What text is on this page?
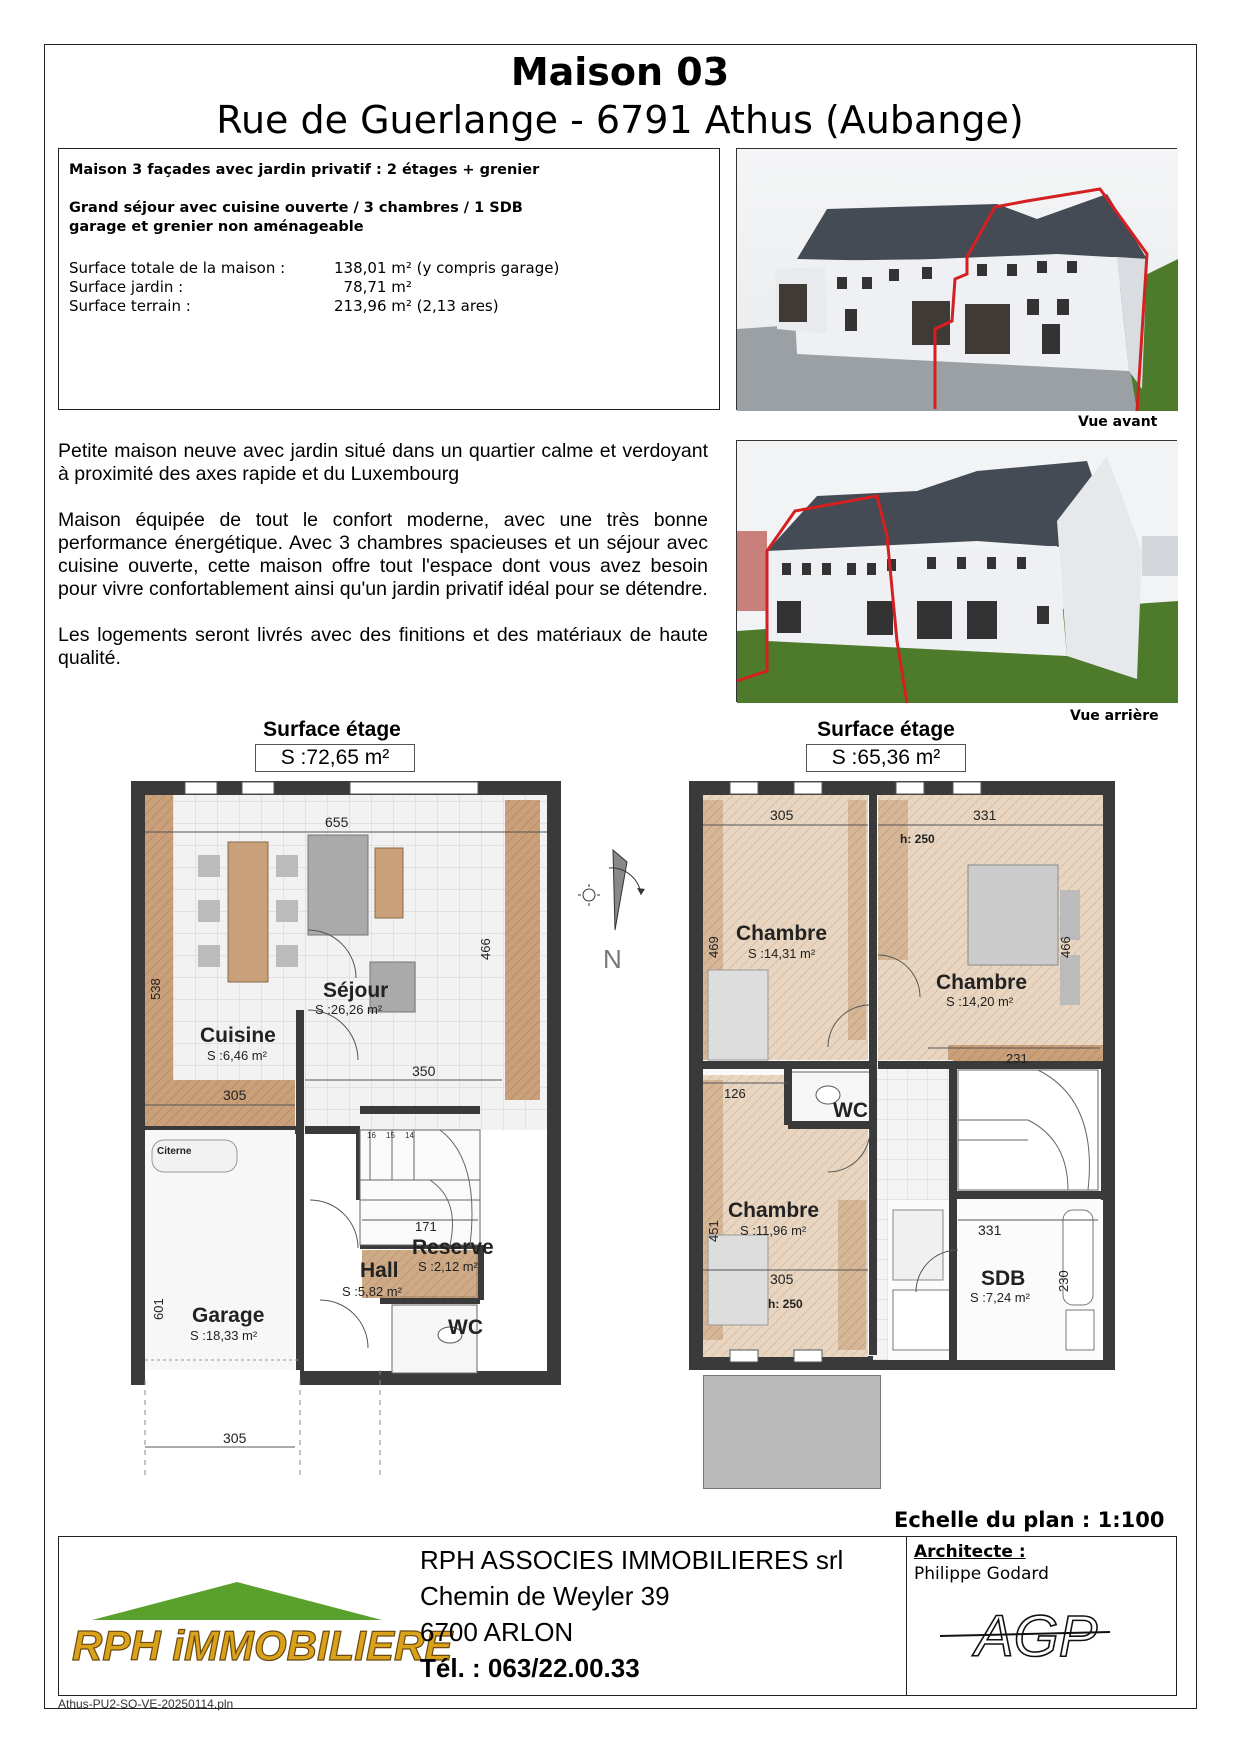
Maison 03
Rue de Guerlange - 6791 Athus (Aubange)
Maison 3 façades avec jardin privatif : 2 étages + grenier
Grand séjour avec cuisine ouverte / 3 chambres / 1 SDB
garage et grenier non aménageable
Surface totale de la maison :	138,01 m² (y compris garage)
Surface jardin :	78,71 m²
Surface terrain :	213,96 m² (2,13 ares)
Vue avant
Vue arrière

Petite maison neuve avec jardin situé dans un quartier calme et verdoyant à proximité des axes rapide et du Luxembourg

Maison équipée de tout le confort moderne, avec une très bonne performance énergétique. Avec 3 chambres spacieuses et un séjour avec cuisine ouverte, cette maison offre tout l'espace dont vous avez besoin pour vivre confortablement ainsi qu'un jardin privatif idéal pour se détendre.

Les logements seront livrés avec des finitions et des matériaux de haute qualité.

Surface étage
S :72,65 m²
Surface étage
S :65,36 m²
16 15 14
655
538
466
350
305
171
601
305
Séjour
S :26,26 m²
Cuisine
S :6,46 m²
Citerne
Garage
S :18,33 m²
Hall
S :5,82 m²
Reserve
S :2,12 m²
WC
N
305
469
331
466
231
126
451
305
331
230
Chambre
S :14,31 m²
h: 250
Chambre
S :14,20 m²
Chambre
S :11,96 m²
h: 250
WC
SDB
S :7,24 m²
Echelle du plan : 1:100
RPH iMMOBILIERE
RPH ASSOCIES IMMOBILIERES srl
Chemin de Weyler 39
6700 ARLON
Tél. : 063/22.00.33
Architecte :
Philippe Godard
AGP
Athus-PU2-SO-VE-20250114.pln
